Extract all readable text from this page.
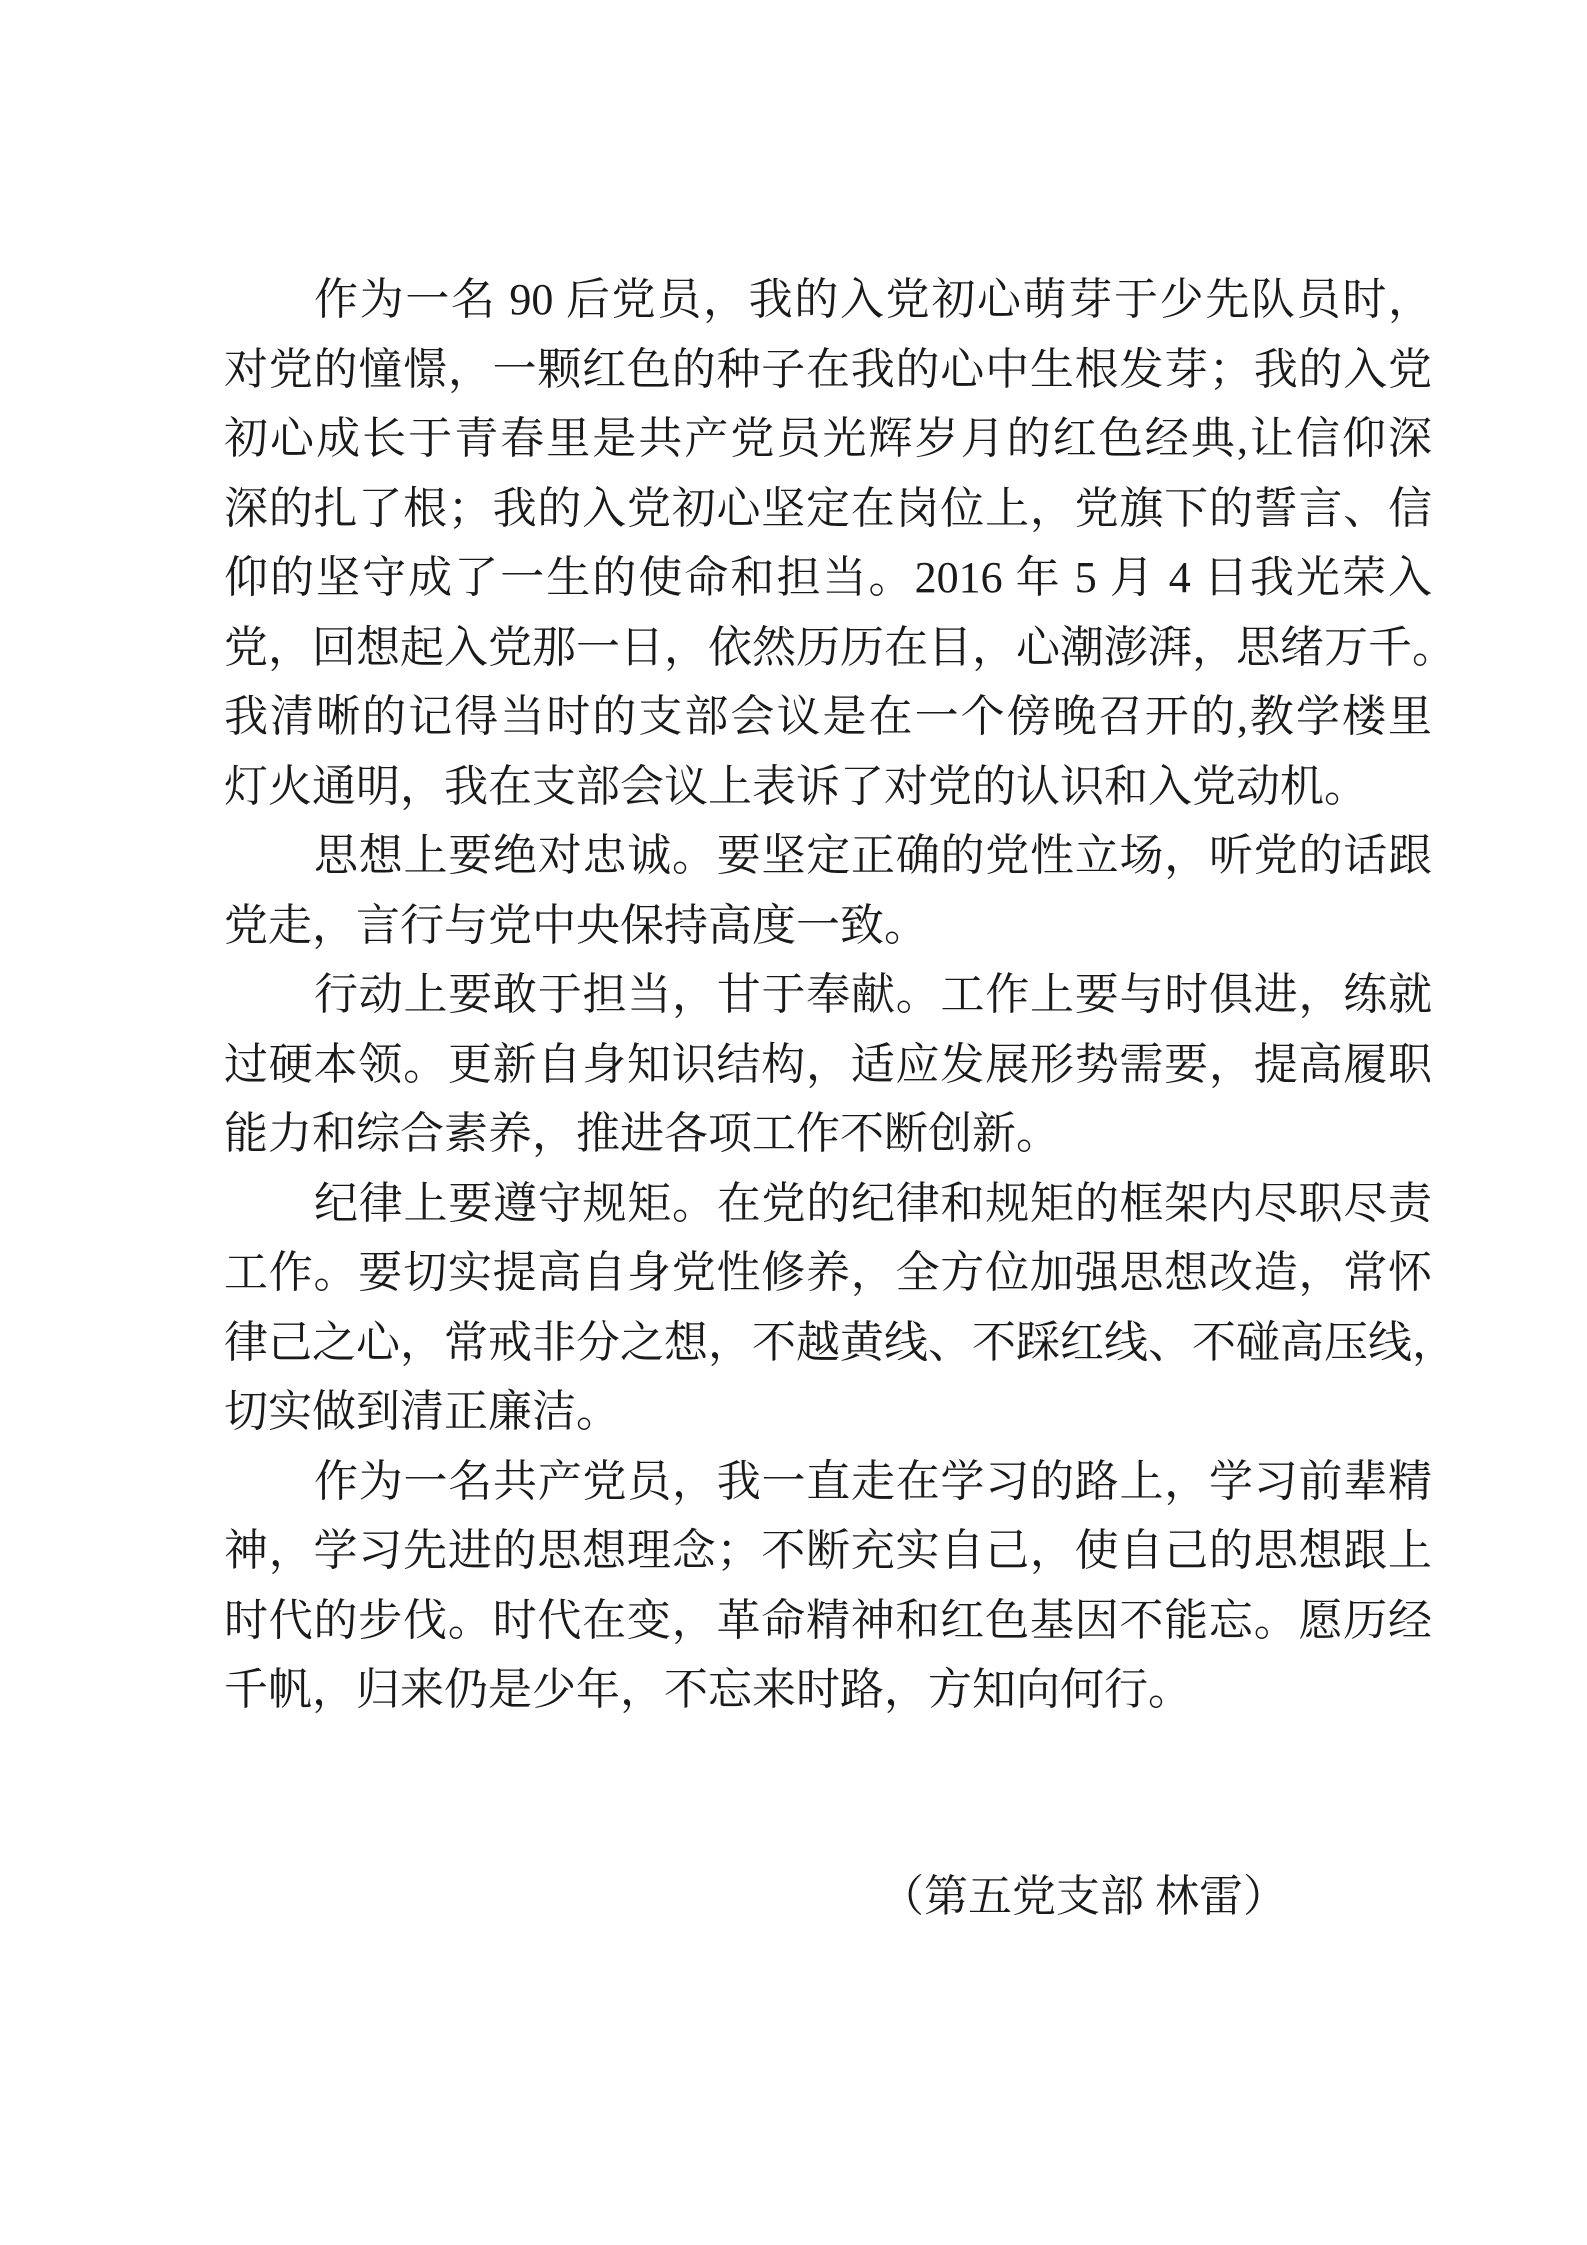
作为一名 90 后党员，我的入党初心萌芽于少先队员时，
对党的憧憬，一颗红色的种子在我的心中生根发芽；我的入党
初心成长于青春里是共产党员光辉岁月的红色经典,让信仰深
深的扎了根；我的入党初心坚定在岗位上，党旗下的誓言、信
仰的坚守成了一生的使命和担当。2016 年 5 月 4 日我光荣入
党，回想起入党那一日，依然历历在目，心潮澎湃，思绪万千。
我清晰的记得当时的支部会议是在一个傍晚召开的,教学楼里
灯火通明，我在支部会议上表诉了对党的认识和入党动机。
思想上要绝对忠诚。要坚定正确的党性立场，听党的话跟
党走，言行与党中央保持高度一致。
行动上要敢于担当，甘于奉献。工作上要与时俱进，练就
过硬本领。更新自身知识结构，适应发展形势需要，提高履职
能力和综合素养，推进各项工作不断创新。
纪律上要遵守规矩。在党的纪律和规矩的框架内尽职尽责
工作。要切实提高自身党性修养，全方位加强思想改造，常怀
律己之心，常戒非分之想，不越黄线、不踩红线、不碰高压线，
切实做到清正廉洁。
作为一名共产党员，我一直走在学习的路上，学习前辈精
神，学习先进的思想理念；不断充实自己，使自己的思想跟上
时代的步伐。时代在变，革命精神和红色基因不能忘。愿历经
千帆，归来仍是少年，不忘来时路，方知向何行。
（第五党支部 林雷）
